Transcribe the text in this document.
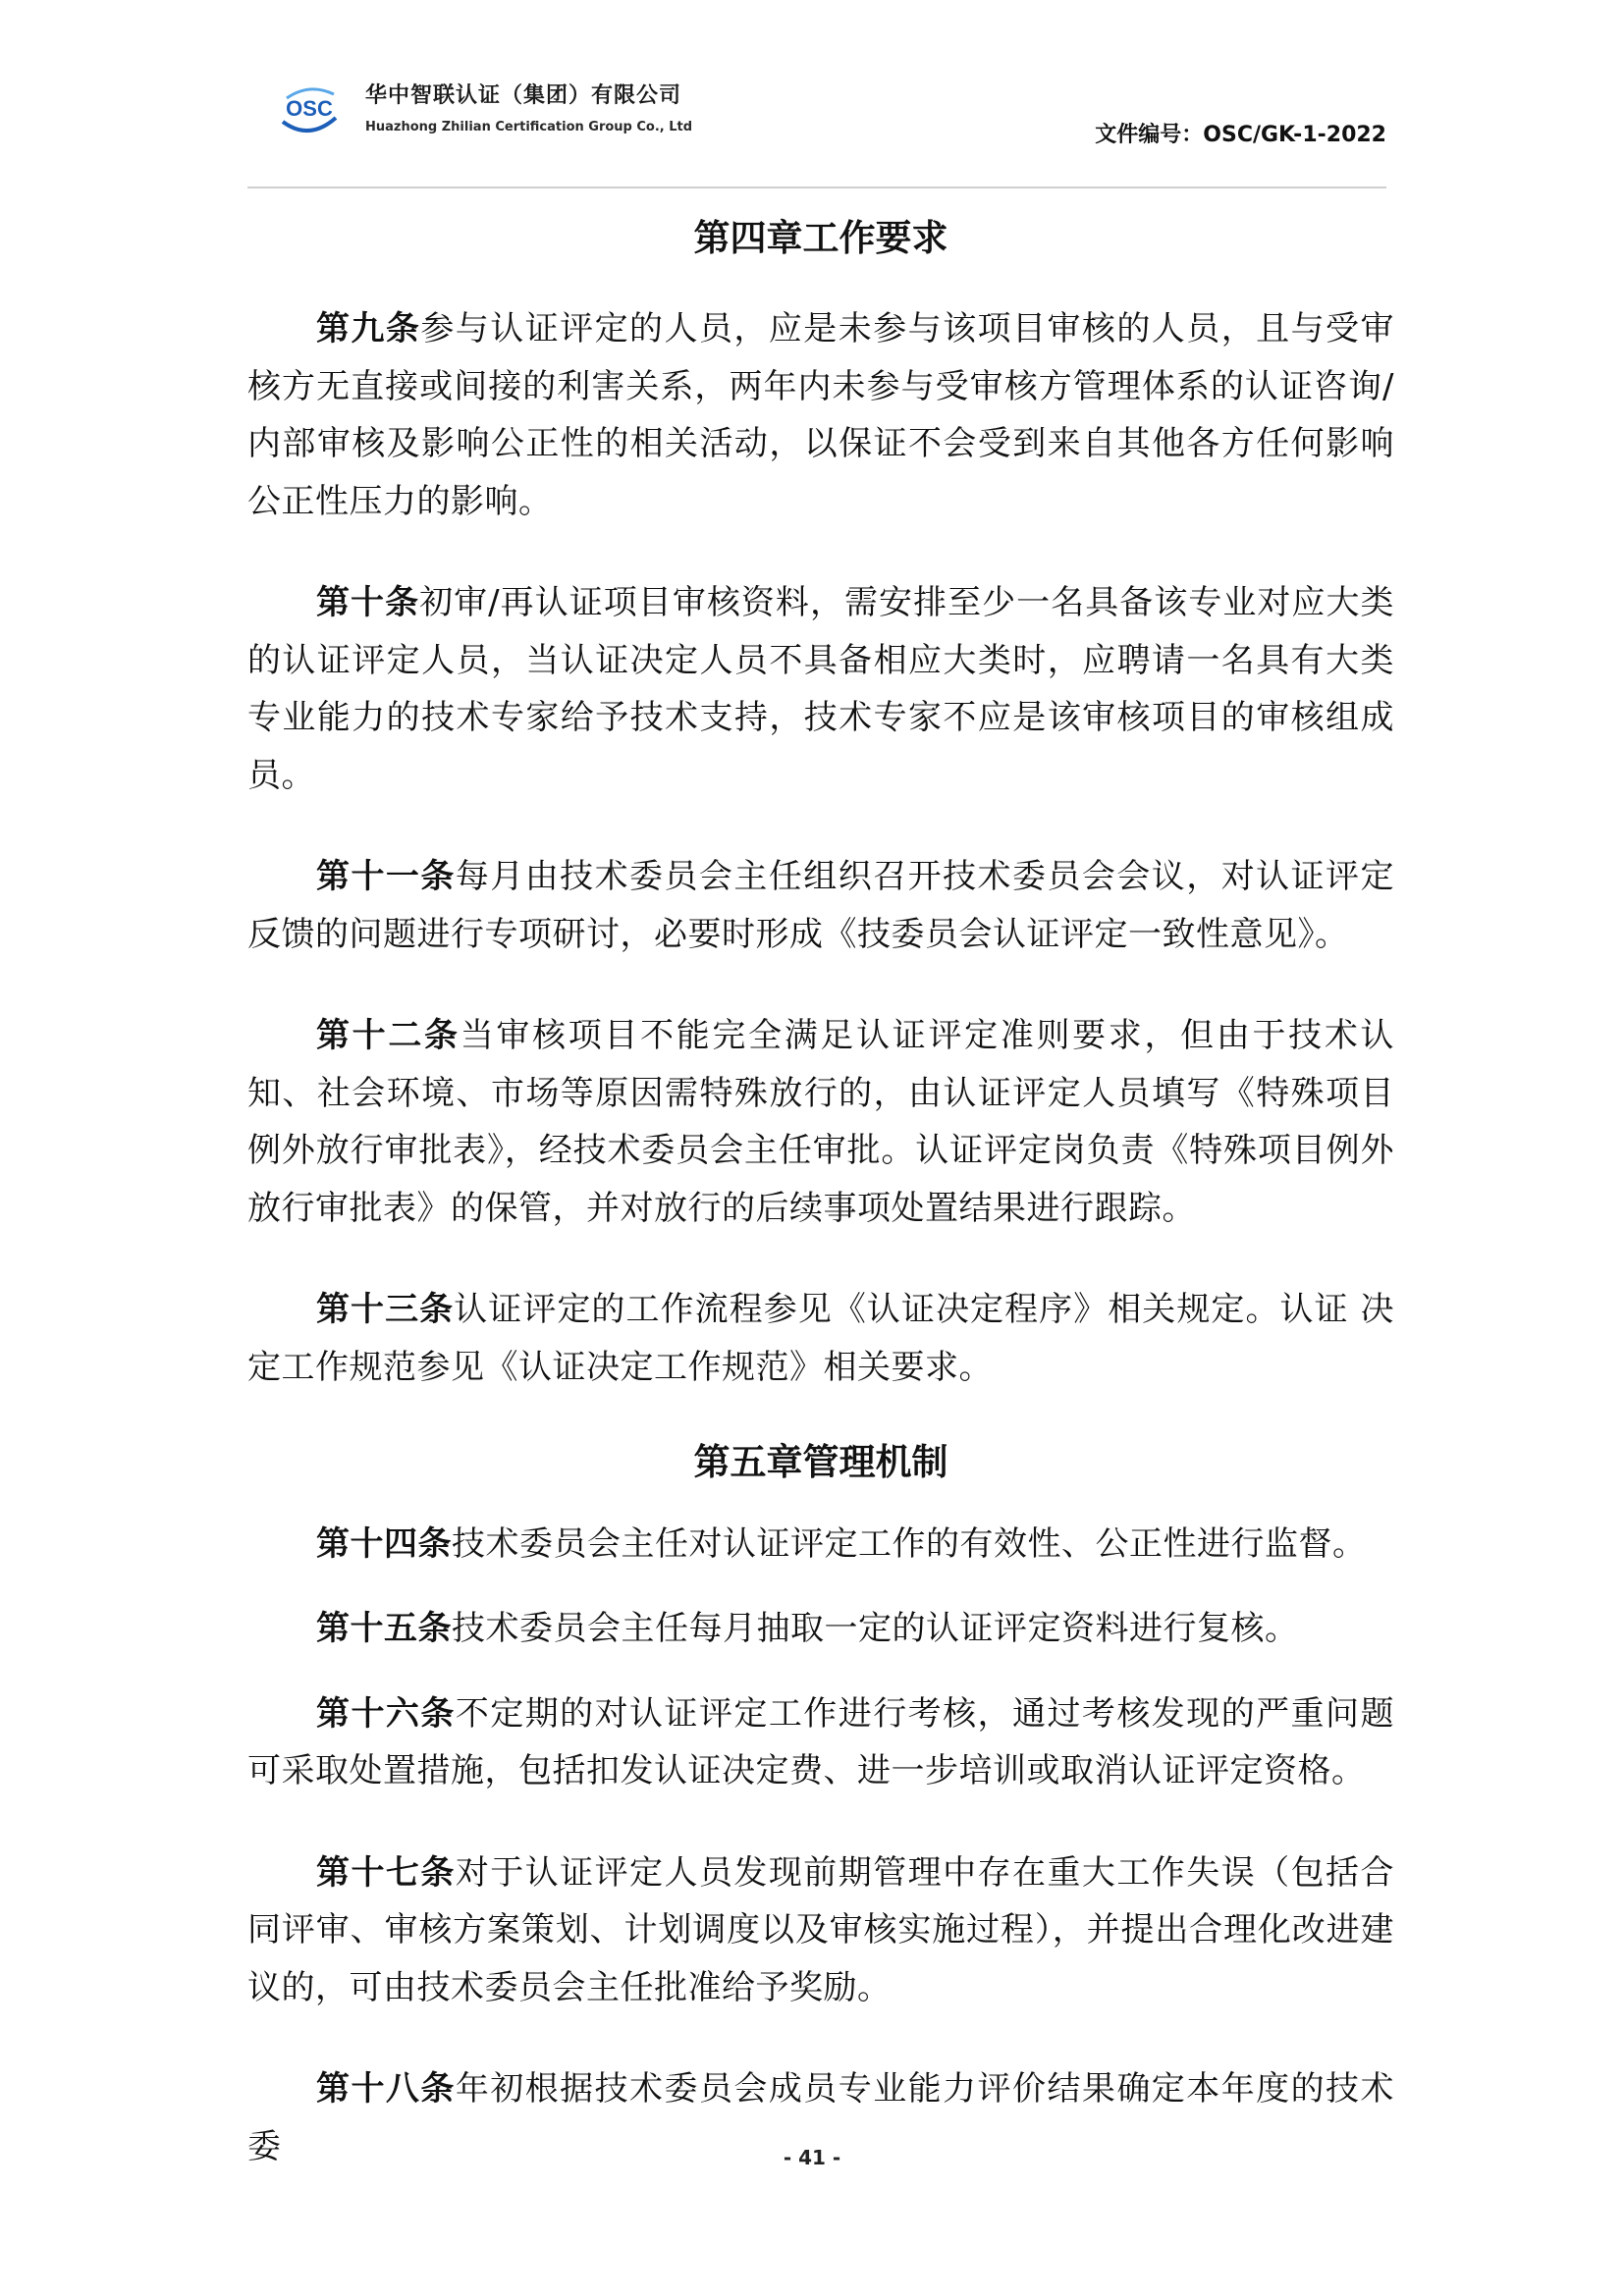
OSC
华中智联认证（集团）有限公司
Huazhong Zhilian Certification Group Co., Ltd	文件编号：OSC/GK-1-2022
第四章工作要求

第九条参与认证评定的人员，应是未参与该项目审核的人员，且与受审核方无直接或间接的利害关系，两年内未参与受审核方管理体系的认证咨询/内部审核及影响公正性的相关活动，以保证不会受到来自其他各方任何影响公正性压力的影响。

第十条初审/再认证项目审核资料，需安排至少一名具备该专业对应大类的认证评定人员，当认证决定人员不具备相应大类时，应聘请一名具有大类专业能力的技术专家给予技术支持，技术专家不应是该审核项目的审核组成员。

第十一条每月由技术委员会主任组织召开技术委员会会议，对认证评定反馈的问题进行专项研讨，必要时形成《技委员会认证评定一致性意见》。

第十二条当审核项目不能完全满足认证评定准则要求，但由于技术认知、社会环境、市场等原因需特殊放行的，由认证评定人员填写《特殊项目例外放行审批表》，经技术委员会主任审批。认证评定岗负责《特殊项目例外放行审批表》的保管，并对放行的后续事项处置结果进行跟踪。

第十三条认证评定的工作流程参见《认证决定程序》相关规定。认证 决定工作规范参见《认证决定工作规范》相关要求。

第五章管理机制

第十四条技术委员会主任对认证评定工作的有效性、公正性进行监督。

第十五条技术委员会主任每月抽取一定的认证评定资料进行复核。

第十六条不定期的对认证评定工作进行考核，通过考核发现的严重问题可采取处置措施，包括扣发认证决定费、进一步培训或取消认证评定资格。

第十七条对于认证评定人员发现前期管理中存在重大工作失误（包括合同评审、审核方案策划、计划调度以及审核实施过程），并提出合理化改进建议的，可由技术委员会主任批准给予奖励。

第十八条年初根据技术委员会成员专业能力评价结果确定本年度的技术委	- 41 -
